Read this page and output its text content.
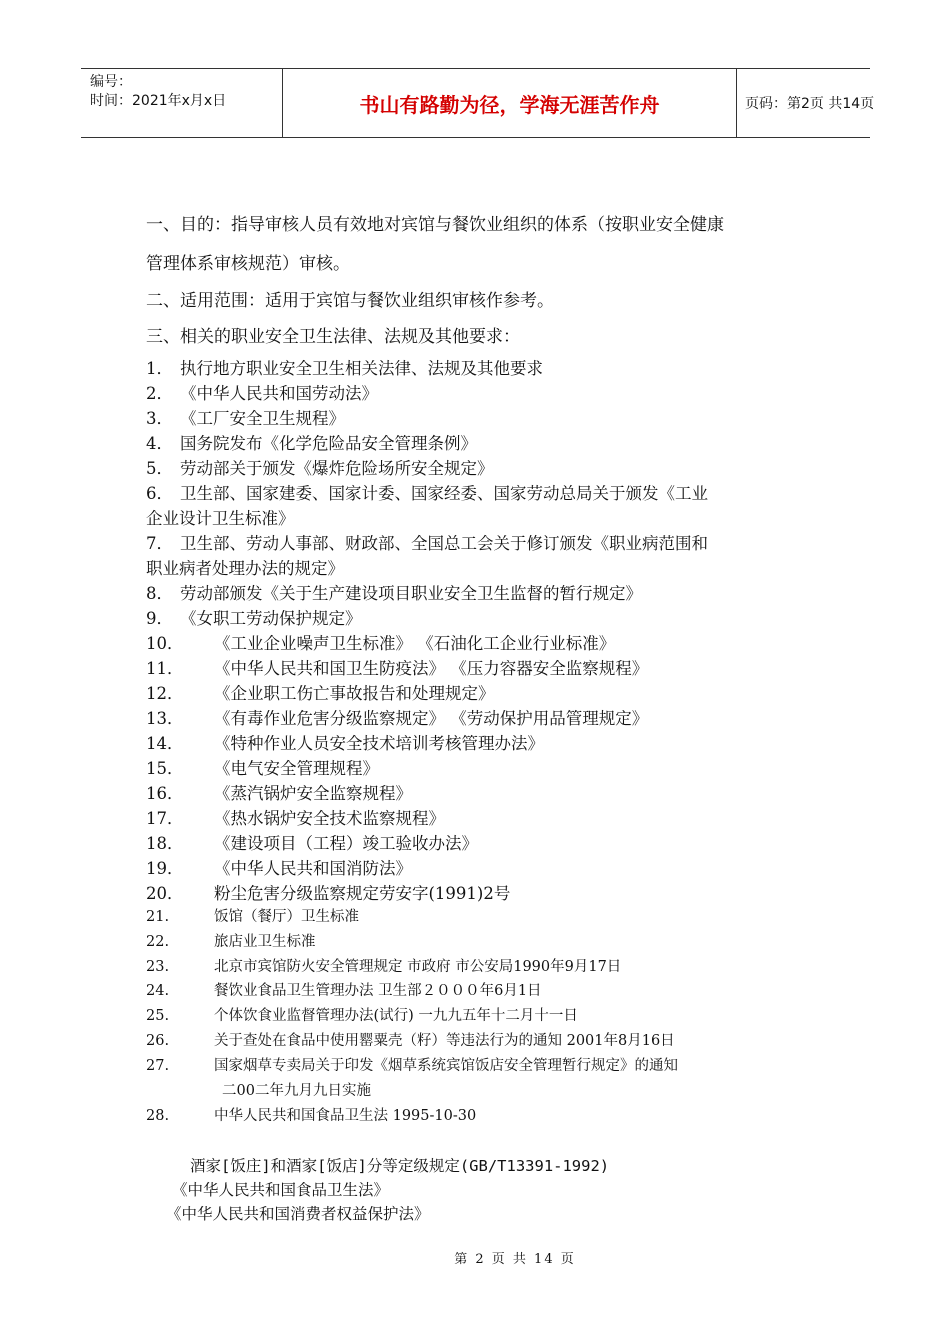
编号：
时间：2021年x月x日	书山有路勤为径，学海无涯苦作舟	页码：第2页 共14页
一、目的：指导审核人员有效地对宾馆与餐饮业组织的体系（按职业安全健康
管理体系审核规范）审核。
二、适用范围：适用于宾馆与餐饮业组织审核作参考。
三、相关的职业安全卫生法律、法规及其他要求：
1． 执行地方职业安全卫生相关法律、法规及其他要求
2． 《中华人民共和国劳动法》
3． 《工厂安全卫生规程》
4． 国务院发布《化学危险品安全管理条例》
5． 劳动部关于颁发《爆炸危险场所安全规定》
6． 卫生部、国家建委、国家计委、国家经委、国家劳动总局关于颁发《工业
企业设计卫生标准》
7． 卫生部、劳动人事部、财政部、全国总工会关于修订颁发《职业病范围和
职业病者处理办法的规定》
8． 劳动部颁发《关于生产建设项目职业安全卫生监督的暂行规定》
9． 《女职工劳动保护规定》
10． 《工业企业噪声卫生标准》 《石油化工企业行业标准》
11． 《中华人民共和国卫生防疫法》 《压力容器安全监察规程》
12． 《企业职工伤亡事故报告和处理规定》
13． 《有毒作业危害分级监察规定》 《劳动保护用品管理规定》
14． 《特种作业人员安全技术培训考核管理办法》
15． 《电气安全管理规程》
16． 《蒸汽锅炉安全监察规程》
17． 《热水锅炉安全技术监察规程》
18． 《建设项目（工程）竣工验收办法》
19． 《中华人民共和国消防法》
20． 粉尘危害分级监察规定劳安字(1991)2号
21.	饭馆（餐厅）卫生标准
22.	旅店业卫生标准
23.	北京市宾馆防火安全管理规定 市政府 市公安局1990年9月17日
24.	餐饮业食品卫生管理办法 卫生部２０００年6月1日
25.	个体饮食业监督管理办法(试行) 一九九五年十二月十一日
26.	关于查处在食品中使用罂粟壳（籽）等违法行为的通知 2001年8月16日
27.	国家烟草专卖局关于印发《烟草系统宾馆饭店安全管理暂行规定》的通知
二00二年九月九日实施
28.	中华人民共和国食品卫生法 1995-10-30
酒家[饭庄]和酒家[饭店]分等定级规定(GB/T13391-1992)
《中华人民共和国食品卫生法》
《中华人民共和国消费者权益保护法》
第 2 页 共 14 页
